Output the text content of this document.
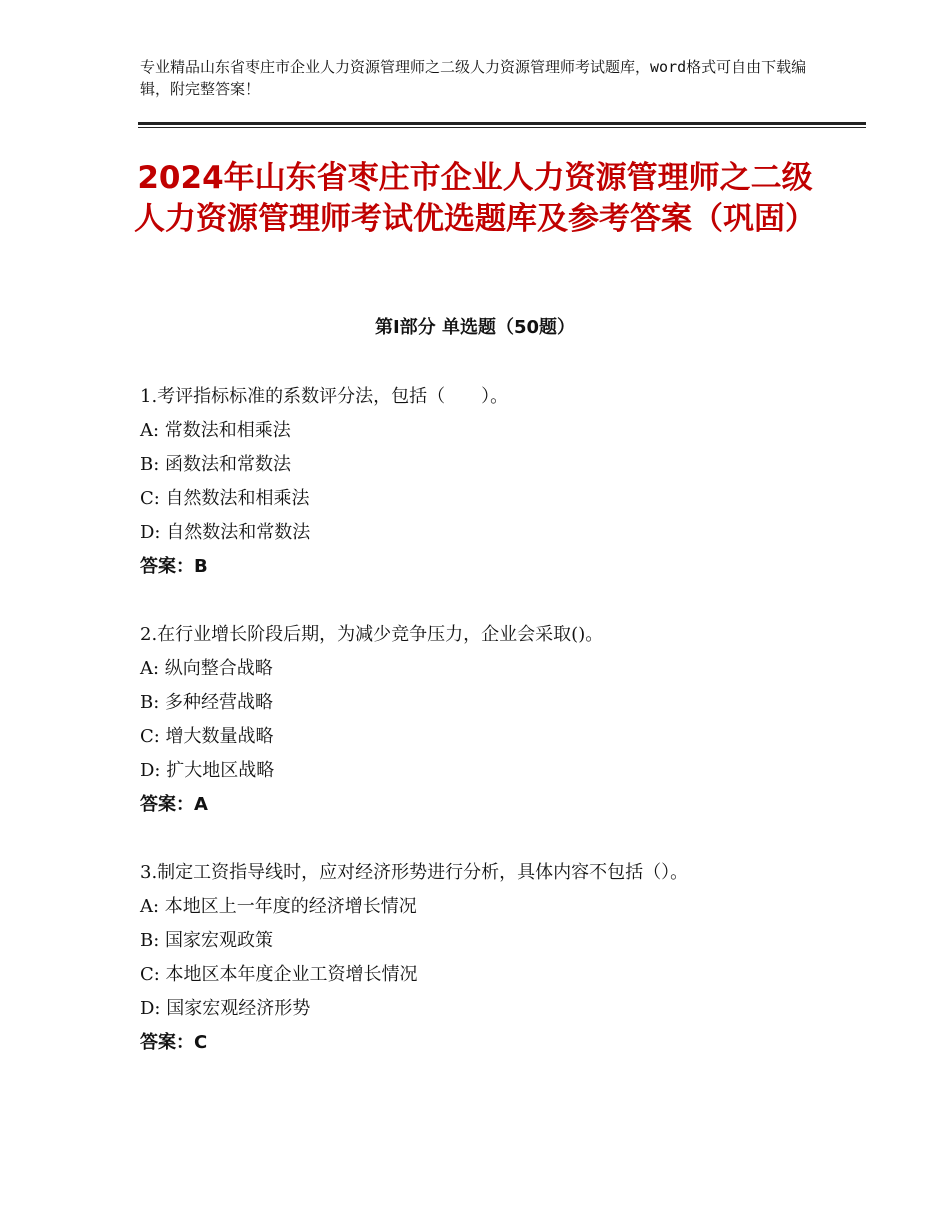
专业精品山东省枣庄市企业人力资源管理师之二级人力资源管理师考试题库，word格式可自由下载编辑，附完整答案！
2024年山东省枣庄市企业人力资源管理师之二级人力资源管理师考试优选题库及参考答案（巩固）
第Ⅰ部分 单选题（50题）
1.考评指标标准的系数评分法，包括（　　）。
A: 常数法和相乘法
B: 函数法和常数法
C: 自然数法和相乘法
D: 自然数法和常数法
答案：B
2.在行业增长阶段后期，为减少竞争压力，企业会采取()。
A: 纵向整合战略
B: 多种经营战略
C: 增大数量战略
D: 扩大地区战略
答案：A
3.制定工资指导线时，应对经济形势进行分析，具体内容不包括（）。
A: 本地区上一年度的经济增长情况
B: 国家宏观政策
C: 本地区本年度企业工资增长情况
D: 国家宏观经济形势
答案：C
